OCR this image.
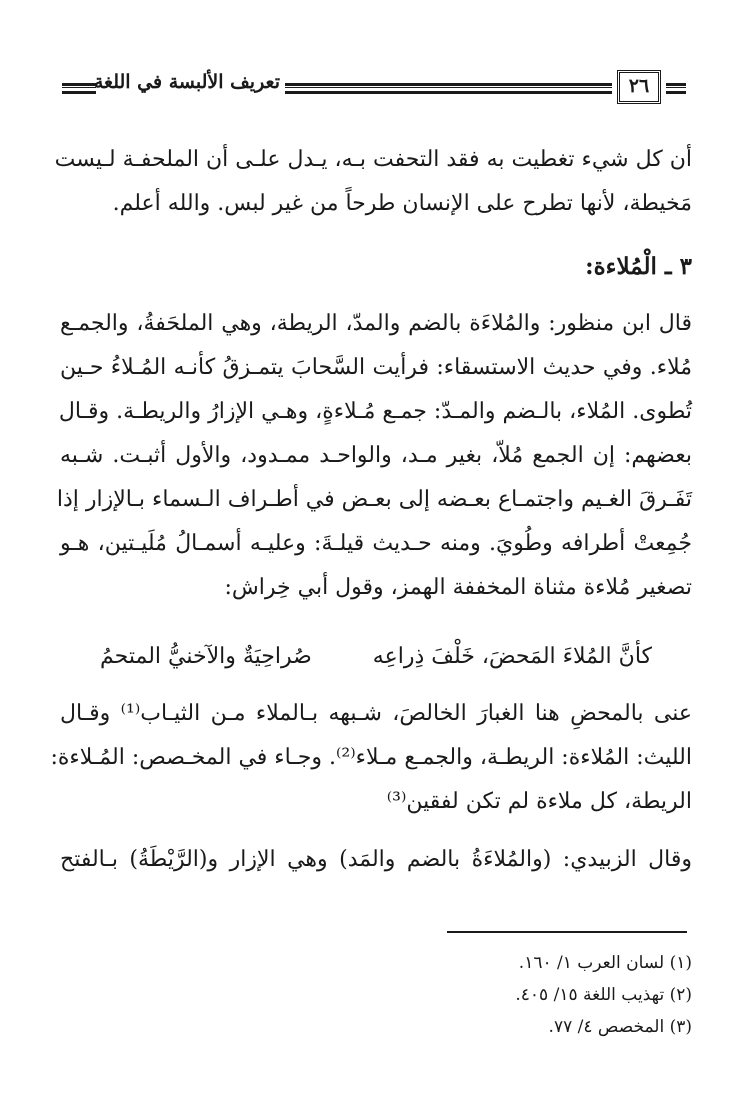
تعريف الألبسة في اللغة	٢٦
أن كل شيء تغطيت به فقد التحفت بـه، يـدل علـى أن الملحفـة لـيست
مَخيطة، لأنها تطرح على الإنسان طرحاً من غير لبس. والله أعلم.
٣ ـ الْمُلاءة:
قال ابن منظور: والمُلاءَة بالضم والمدّ، الريطة، وهي الملحَفةُ، والجمـع
مُلاء. وفي حديث الاستسقاء: فرأيت السَّحابَ يتمـزقُ كأنـه المُـلاءُ حـين
تُطوى. المُلاء، بالـضم والمـدّ: جمـع مُـلاءةٍ، وهـي الإزارُ والريطـة. وقـال
بعضهم: إن الجمع مُلاّ، بغير مـد، والواحـد ممـدود، والأول أثبـت. شـبه
تَفَـرقَ الغـيم واجتمـاع بعـضه إلى بعـض في أطـراف الـسماء بـالإزار إذا
جُمِعتْ أطرافه وطُويَ. ومنه حـديث قيلـةَ: وعليـه أسمـالُ مُلَيـتين، هـو
تصغير مُلاءة مثناة المخففة الهمز، وقول أبي خِراش:
كأنَّ المُلاءَ المَحضَ، خَلْفَ ذِراعِه
صُراحِيَةٌ والآخنيُّ المتحمُ
عنى بالمحضِ هنا الغبارَ الخالصَ، شـبهه بـالملاء مـن الثيـاب⁽¹⁾ وقـال
الليث: المُلاءة: الريطـة، والجمـع مـلاء⁽²⁾. وجـاء في المخـصص: المُـلاءة:
الريطة، كل ملاءة لم تكن لفقين⁽³⁾
وقال الزبيدي: (والمُلاءَةُ بالضم والمَد) وهي الإزار و(الرَّيْطَةُ) بـالفتح
(١) لسان العرب ١/ ١٦٠.
(٢) تهذيب اللغة ١٥/ ٤٠٥.
(٣) المخصص ٤/ ٧٧.
